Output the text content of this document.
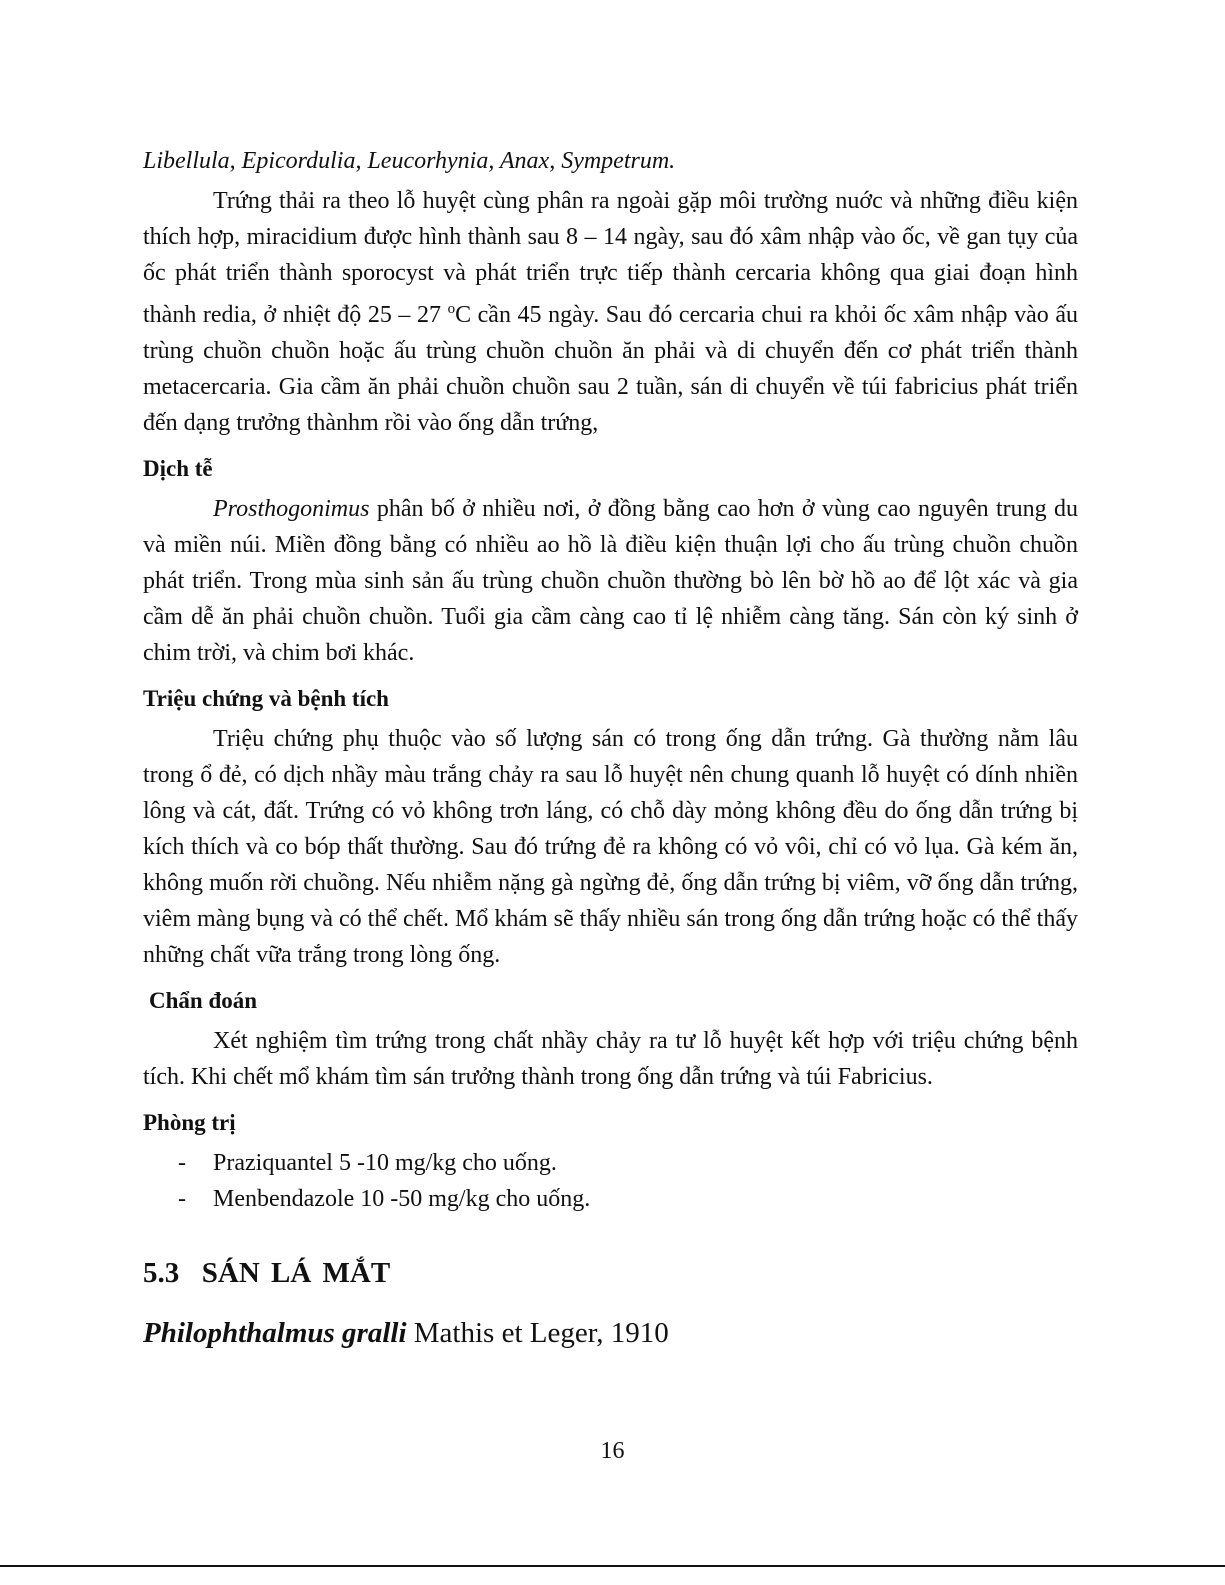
Libellula, Epicordulia, Leucorhynia, Anax, Sympetrum.

Trứng thải ra theo lỗ huyệt cùng phân ra ngoài gặp môi trường nuớc và những điều kiện thích hợp, miracidium được hình thành sau 8 – 14 ngày, sau đó xâm nhập vào ốc, về gan tụy của ốc phát triển thành sporocyst và phát triển trực tiếp thành cercaria không qua giai đoạn hình thành redia, ở nhiệt độ 25 – 27 $^o$C cần 45 ngày. Sau đó cercaria chui ra khỏi ốc xâm nhập vào ấu trùng chuồn chuồn hoặc ấu trùng chuồn chuồn ăn phải và di chuyển đến cơ phát triển thành metacercaria. Gia cầm ăn phải chuồn chuồn sau 2 tuần, sán di chuyển về túi fabricius phát triển đến dạng trưởng thànhm rồi vào ống dẫn trứng,

Dịch tễ

Prosthogonimus phân bố ở nhiều nơi, ở đồng bằng cao hơn ở vùng cao nguyên trung du và miền núi. Miền đồng bằng có nhiều ao hồ là điều kiện thuận lợi cho ấu trùng chuồn chuồn phát triển. Trong mùa sinh sản ấu trùng chuồn chuồn thường bò lên bờ hồ ao để lột xác và gia cầm dễ ăn phải chuồn chuồn. Tuổi gia cầm càng cao tỉ lệ nhiễm càng tăng. Sán còn ký sinh ở chim trời, và chim bơi khác.

Triệu chứng và bệnh tích

Triệu chứng phụ thuộc vào số lượng sán có trong ống dẫn trứng. Gà thường nằm lâu trong ổ đẻ, có dịch nhầy màu trắng chảy ra sau lỗ huyệt nên chung quanh lỗ huyệt có dính nhiền lông và cát, đất. Trứng có vỏ không trơn láng, có chỗ dày mỏng không đều do ống dẫn trứng bị kích thích và co bóp thất thường. Sau đó trứng đẻ ra không có vỏ vôi, chỉ có vỏ lụa. Gà kém ăn, không muốn rời chuồng. Nếu nhiễm nặng gà ngừng đẻ, ống dẫn trứng bị viêm, vỡ ống dẫn trứng, viêm màng bụng và có thể chết. Mổ khám sẽ thấy nhiều sán trong ống dẫn trứng hoặc có thể thấy những chất vữa trắng trong lòng ống.

Chẩn đoán

Xét nghiệm tìm trứng trong chất nhầy chảy ra tư lỗ huyệt kết hợp với triệu chứng bệnh tích. Khi chết mổ khám tìm sán trưởng thành trong ống dẫn trứng và túi Fabricius.

Phòng trị
- Praziquantel 5 -10 mg/kg cho uống.
- Menbendazole 10 -50 mg/kg cho uống.
5.3  SÁN LÁ MẮT

Philophthalmus gralli Mathis et Leger, 1910

16
